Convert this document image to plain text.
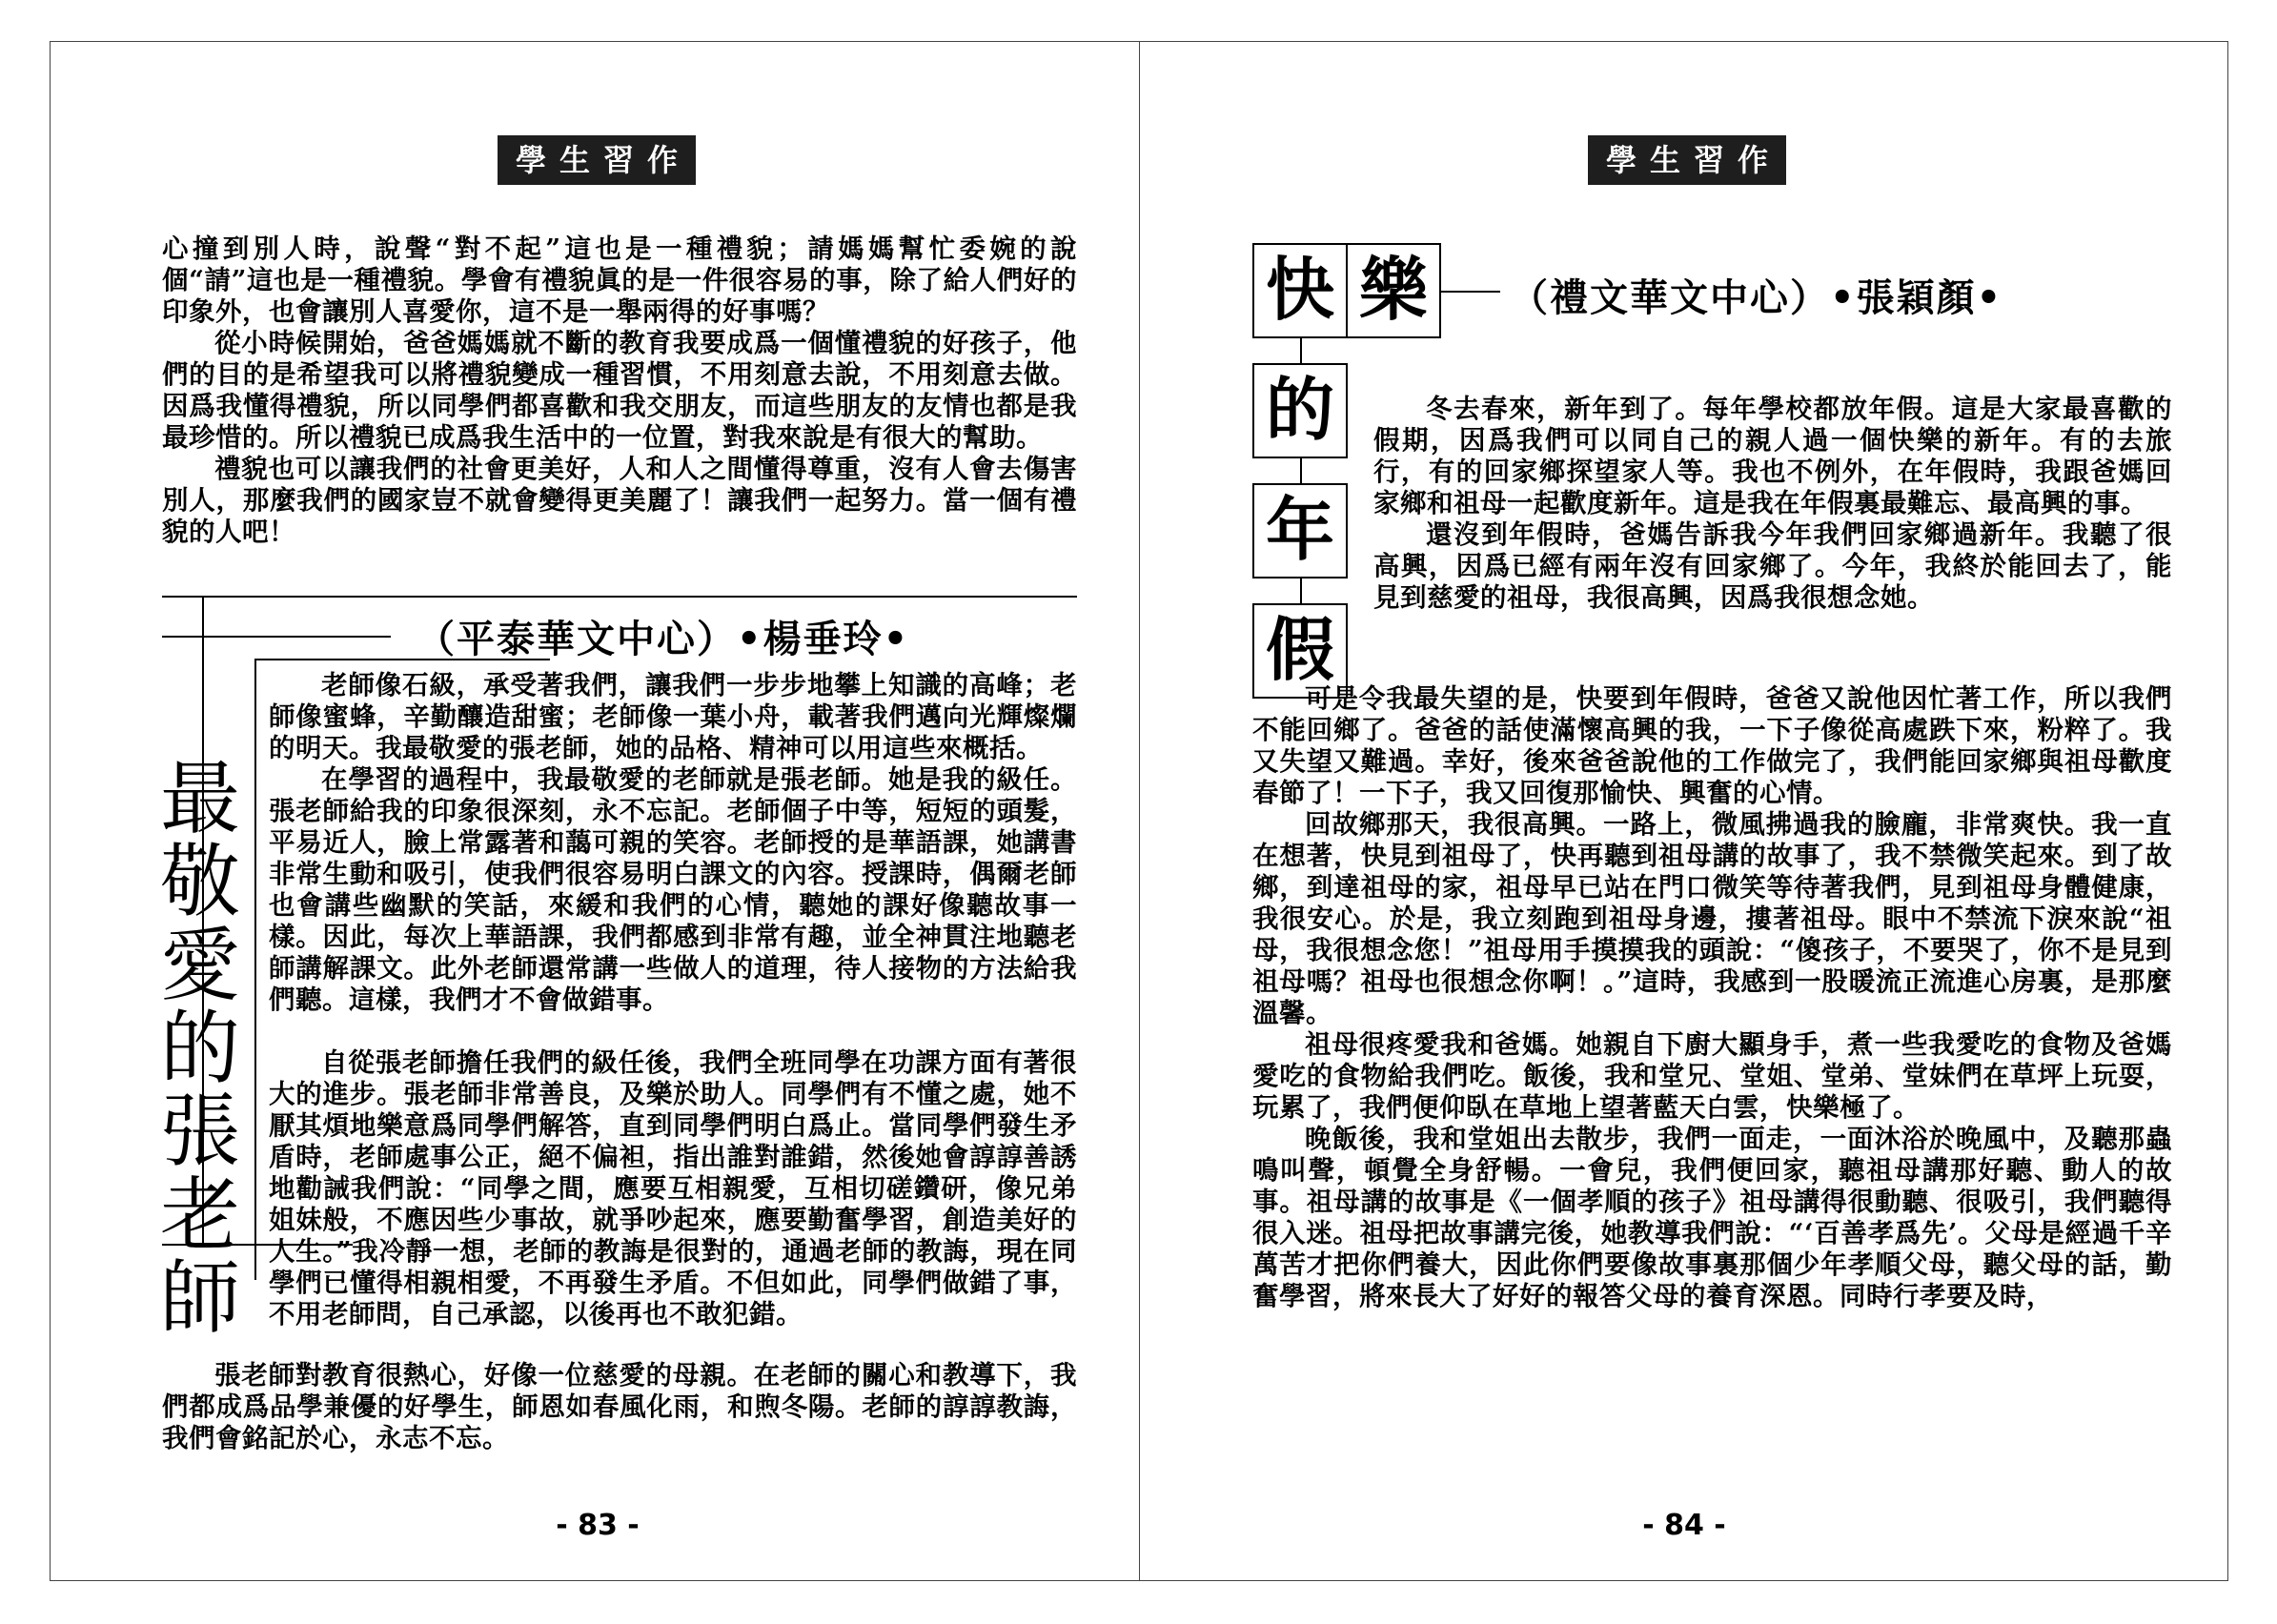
學生習作

心撞到別人時，說聲“對不起”這也是一種禮貌；請媽媽幫忙委婉的說個“請”這也是一種禮貌。學會有禮貌眞的是一件很容易的事，除了給人們好的印象外，也會讓別人喜愛你，這不是一舉兩得的好事嗎？

從小時候開始，爸爸媽媽就不斷的教育我要成爲一個懂禮貌的好孩子，他們的目的是希望我可以將禮貌變成一種習慣，不用刻意去說，不用刻意去做。因爲我懂得禮貌，所以同學們都喜歡和我交朋友，而這些朋友的友情也都是我最珍惜的。所以禮貌已成爲我生活中的一位置，對我來說是有很大的幫助。

禮貌也可以讓我們的社會更美好，人和人之間懂得尊重，沒有人會去傷害別人，那麼我們的國家豈不就會變得更美麗了！讓我們一起努力。當一個有禮貌的人吧！

（平泰華文中心）•楊垂玲•
最
敬
愛
的
張
老
師

老師像石級，承受著我們，讓我們一步步地攀上知識的高峰；老師像蜜蜂，辛勤釀造甜蜜；老師像一葉小舟，載著我們邁向光輝燦爛的明天。我最敬愛的張老師，她的品格、精神可以用這些來概括。

在學習的過程中，我最敬愛的老師就是張老師。她是我的級任。張老師給我的印象很深刻，永不忘記。老師個子中等，短短的頭髮，平易近人，臉上常露著和藹可親的笑容。老師授的是華語課，她講書非常生動和吸引，使我們很容易明白課文的內容。授課時，偶爾老師也會講些幽默的笑話，來緩和我們的心情，聽她的課好像聽故事一樣。因此，每次上華語課，我們都感到非常有趣，並全神貫注地聽老師講解課文。此外老師還常講一些做人的道理，待人接物的方法給我們聽。這樣，我們才不會做錯事。

自從張老師擔任我們的級任後，我們全班同學在功課方面有著很大的進步。張老師非常善良，及樂於助人。同學們有不懂之處，她不厭其煩地樂意爲同學們解答，直到同學們明白爲止。當同學們發生矛盾時，老師處事公正，絕不偏袒，指出誰對誰錯，然後她會諄諄善誘地勸誡我們說：“同學之間，應要互相親愛，互相切磋鑽研，像兄弟姐妹般，不應因些少事故，就爭吵起來，應要勤奮學習，創造美好的人生。”我冷靜一想，老師的教誨是很對的，通過老師的教誨，現在同學們已懂得相親相愛，不再發生矛盾。不但如此，同學們做錯了事，不用老師問，自己承認，以後再也不敢犯錯。

張老師對教育很熱心，好像一位慈愛的母親。在老師的關心和教導下，我們都成爲品學兼優的好學生，師恩如春風化雨，和煦冬陽。老師的諄諄教誨，我們會銘記於心，永志不忘。

- 83 -
學生習作
快 樂
的
年
假
（禮文華文中心）•張穎顏•

冬去春來，新年到了。每年學校都放年假。這是大家最喜歡的假期，因爲我們可以同自己的親人過一個快樂的新年。有的去旅行，有的回家鄉探望家人等。我也不例外，在年假時，我跟爸媽回家鄉和祖母一起歡度新年。這是我在年假裏最難忘、最高興的事。

還沒到年假時，爸媽告訴我今年我們回家鄉過新年。我聽了很高興，因爲已經有兩年沒有回家鄉了。今年，我終於能回去了，能見到慈愛的祖母，我很高興，因爲我很想念她。

可是令我最失望的是，快要到年假時，爸爸又說他因忙著工作，所以我們不能回鄉了。爸爸的話使滿懷高興的我，一下子像從高處跌下來，粉粹了。我又失望又難過。幸好，後來爸爸說他的工作做完了，我們能回家鄉與祖母歡度春節了！一下子，我又回復那愉快、興奮的心情。

回故鄉那天，我很高興。一路上，微風拂過我的臉龐，非常爽快。我一直在想著，快見到祖母了，快再聽到祖母講的故事了，我不禁微笑起來。到了故鄉，到達祖母的家，祖母早已站在門口微笑等待著我們，見到祖母身體健康，我很安心。於是，我立刻跑到祖母身邊，摟著祖母。眼中不禁流下淚來說“祖母，我很想念您！”祖母用手摸摸我的頭說：“傻孩子，不要哭了，你不是見到祖母嗎？祖母也很想念你啊！。”這時，我感到一股暖流正流進心房裏，是那麼溫馨。

祖母很疼愛我和爸媽。她親自下廚大顯身手，煮一些我愛吃的食物及爸媽愛吃的食物給我們吃。飯後，我和堂兄、堂姐、堂弟、堂妹們在草坪上玩耍，玩累了，我們便仰臥在草地上望著藍天白雲，快樂極了。

晚飯後，我和堂姐出去散步，我們一面走，一面沐浴於晚風中，及聽那蟲鳴叫聲，頓覺全身舒暢。一會兒，我們便回家，聽祖母講那好聽、動人的故事。祖母講的故事是《一個孝順的孩子》祖母講得很動聽、很吸引，我們聽得很入迷。祖母把故事講完後，她教導我們說：“‘百善孝爲先’。父母是經過千辛萬苦才把你們養大，因此你們要像故事裏那個少年孝順父母，聽父母的話，勤奮學習，將來長大了好好的報答父母的養育深恩。同時行孝要及時，

- 84 -
